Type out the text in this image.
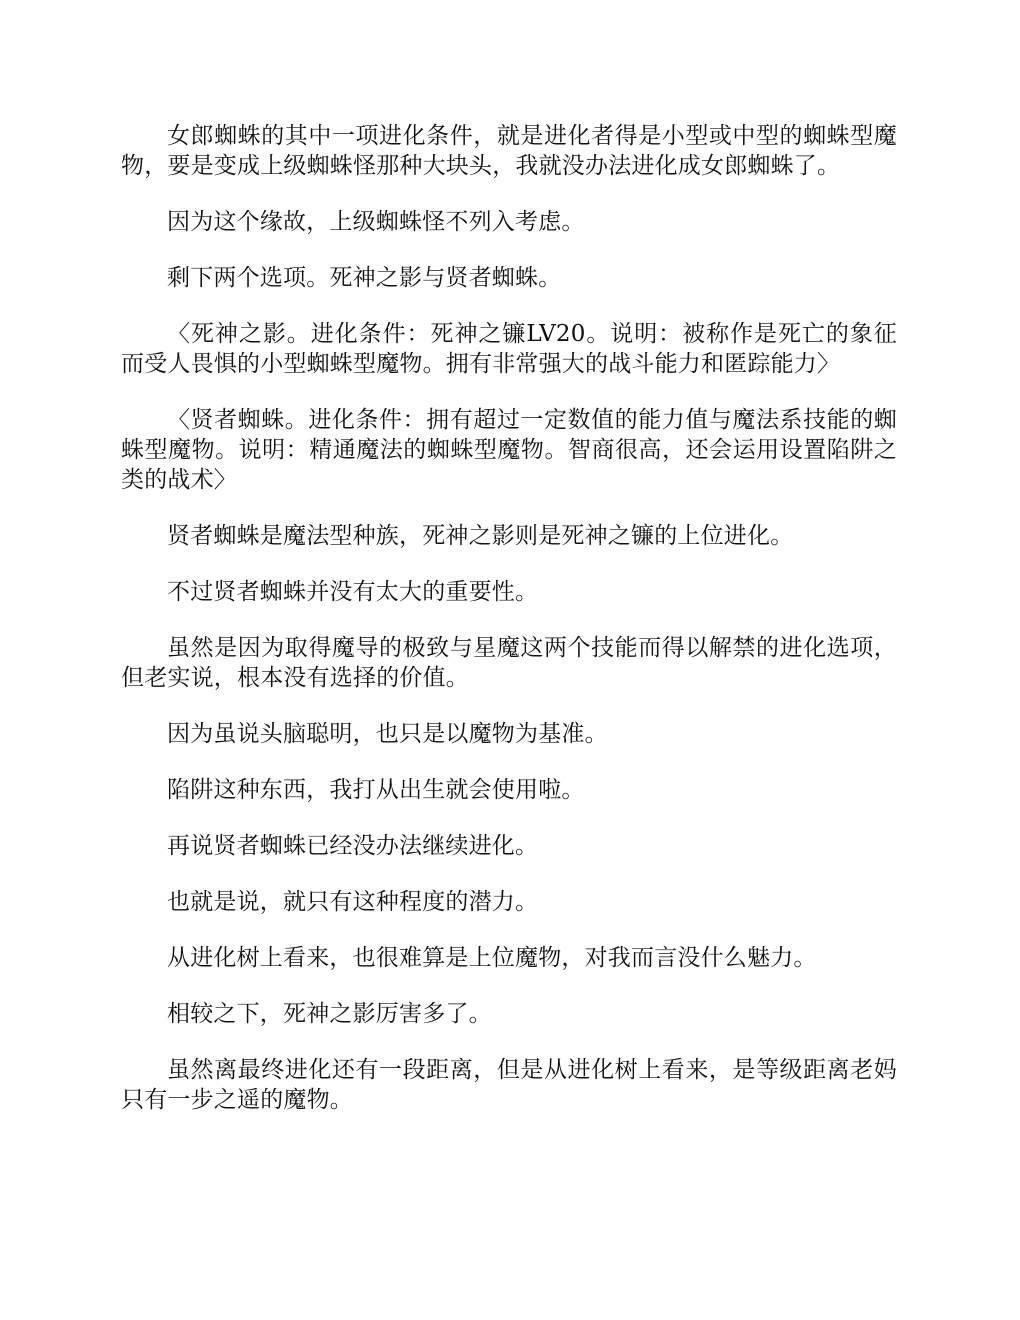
女郎蜘蛛的其中一项进化条件，就是进化者得是小型或中型的蜘蛛型魔物，要是变成上级蜘蛛怪那种大块头，我就没办法进化成女郎蜘蛛了。

因为这个缘故，上级蜘蛛怪不列入考虑。

剩下两个选项。死神之影与贤者蜘蛛。

〈死神之影。进化条件：死神之镰LV20。说明：被称作是死亡的象征而受人畏惧的小型蜘蛛型魔物。拥有非常强大的战斗能力和匿踪能力〉

〈贤者蜘蛛。进化条件：拥有超过一定数值的能力值与魔法系技能的蜘蛛型魔物。说明：精通魔法的蜘蛛型魔物。智商很高，还会运用设置陷阱之类的战术〉

贤者蜘蛛是魔法型种族，死神之影则是死神之镰的上位进化。

不过贤者蜘蛛并没有太大的重要性。

虽然是因为取得魔导的极致与星魔这两个技能而得以解禁的进化选项，但老实说，根本没有选择的价值。

因为虽说头脑聪明，也只是以魔物为基准。

陷阱这种东西，我打从出生就会使用啦。

再说贤者蜘蛛已经没办法继续进化。

也就是说，就只有这种程度的潜力。

从进化树上看来，也很难算是上位魔物，对我而言没什么魅力。

相较之下，死神之影厉害多了。

虽然离最终进化还有一段距离，但是从进化树上看来，是等级距离老妈只有一步之遥的魔物。
